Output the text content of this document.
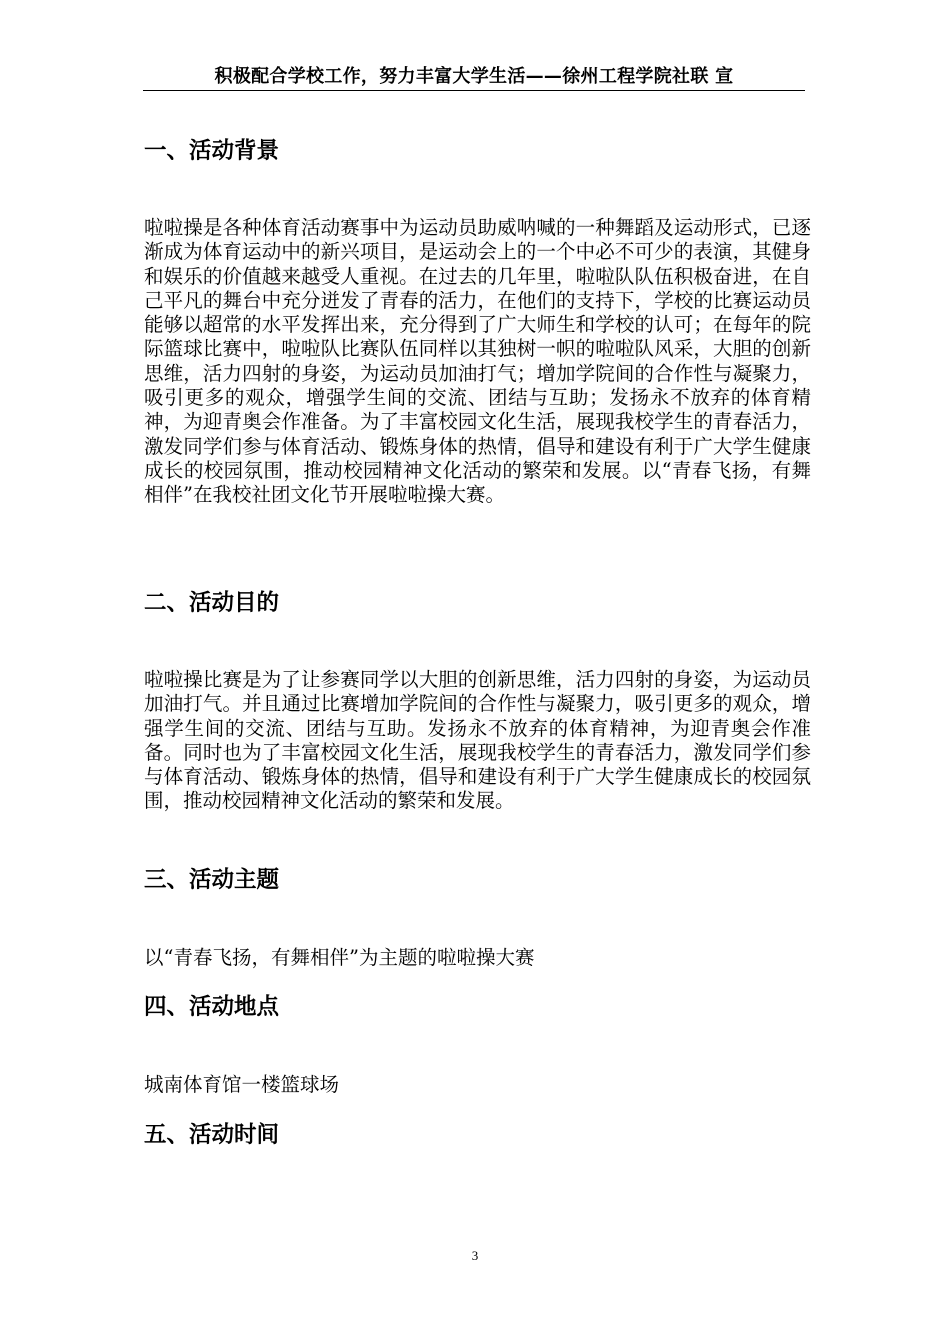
积极配合学校工作，努力丰富大学生活——徐州工程学院社联 宣
一、活动背景

啦啦操是各种体育活动赛事中为运动员助威呐喊的一种舞蹈及运动形式，已逐渐成为体育运动中的新兴项目，是运动会上的一个中必不可少的表演，其健身和娱乐的价值越来越受人重视。在过去的几年里，啦啦队队伍积极奋进，在自己平凡的舞台中充分迸发了青春的活力，在他们的支持下，学校的比赛运动员能够以超常的水平发挥出来，充分得到了广大师生和学校的认可；在每年的院际篮球比赛中，啦啦队比赛队伍同样以其独树一帜的啦啦队风采，大胆的创新思维，活力四射的身姿，为运动员加油打气；增加学院间的合作性与凝聚力，吸引更多的观众，增强学生间的交流、团结与互助；发扬永不放弃的体育精神，为迎青奥会作准备。为了丰富校园文化生活，展现我校学生的青春活力，激发同学们参与体育活动、锻炼身体的热情，倡导和建设有利于广大学生健康成长的校园氛围，推动校园精神文化活动的繁荣和发展。以“青春飞扬，有舞相伴”在我校社团文化节开展啦啦操大赛。

二、活动目的

啦啦操比赛是为了让参赛同学以大胆的创新思维，活力四射的身姿，为运动员加油打气。并且通过比赛增加学院间的合作性与凝聚力，吸引更多的观众，增强学生间的交流、团结与互助。发扬永不放弃的体育精神，为迎青奥会作准备。同时也为了丰富校园文化生活，展现我校学生的青春活力，激发同学们参与体育活动、锻炼身体的热情，倡导和建设有利于广大学生健康成长的校园氛围，推动校园精神文化活动的繁荣和发展。

三、活动主题

以“青春飞扬，有舞相伴”为主题的啦啦操大赛

四、活动地点

城南体育馆一楼篮球场

五、活动时间
3
